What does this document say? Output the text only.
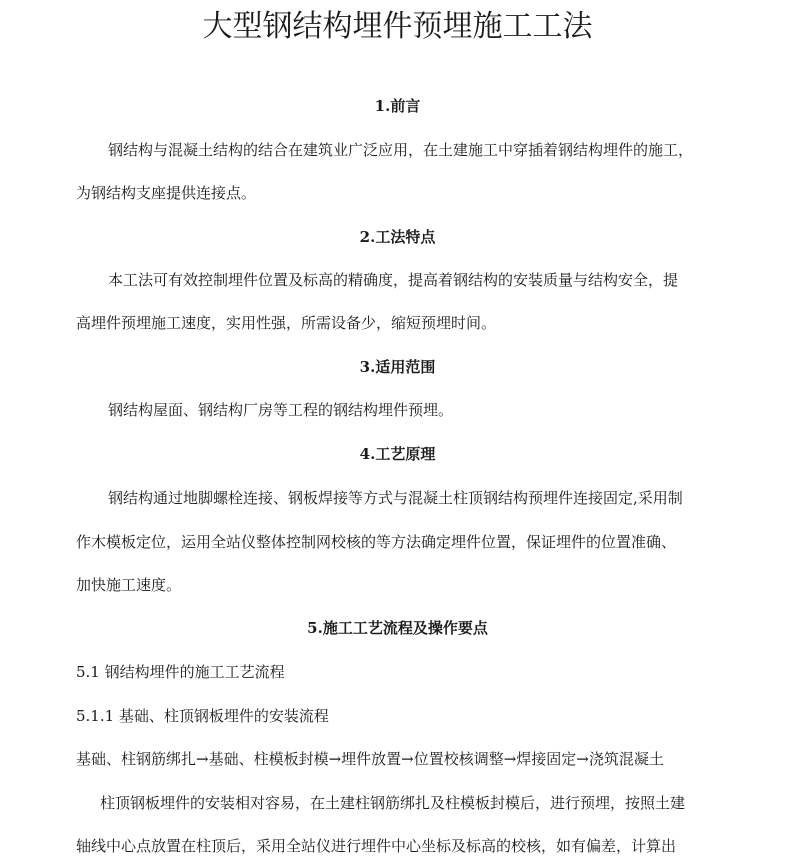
大型钢结构埋件预埋施工工法
1.前言
钢结构与混凝土结构的结合在建筑业广泛应用，在土建施工中穿插着钢结构埋件的施工，
为钢结构支座提供连接点。
2.工法特点
本工法可有效控制埋件位置及标高的精确度，提高着钢结构的安装质量与结构安全，提
高埋件预埋施工速度，实用性强，所需设备少，缩短预埋时间。
3.适用范围
钢结构屋面、钢结构厂房等工程的钢结构埋件预埋。
4.工艺原理
钢结构通过地脚螺栓连接、钢板焊接等方式与混凝土柱顶钢结构预埋件连接固定,采用制
作木模板定位，运用全站仪整体控制网校核的等方法确定埋件位置，保证埋件的位置准确、
加快施工速度。
5.施工工艺流程及操作要点
5.1 钢结构埋件的施工工艺流程
5.1.1 基础、柱顶钢板埋件的安装流程
基础、柱钢筋绑扎→基础、柱模板封模→埋件放置→位置校核调整→焊接固定→浇筑混凝土
柱顶钢板埋件的安装相对容易，在土建柱钢筋绑扎及柱模板封模后，进行预埋，按照土建
轴线中心点放置在柱顶后，采用全站仪进行埋件中心坐标及标高的校核，如有偏差，计算出
